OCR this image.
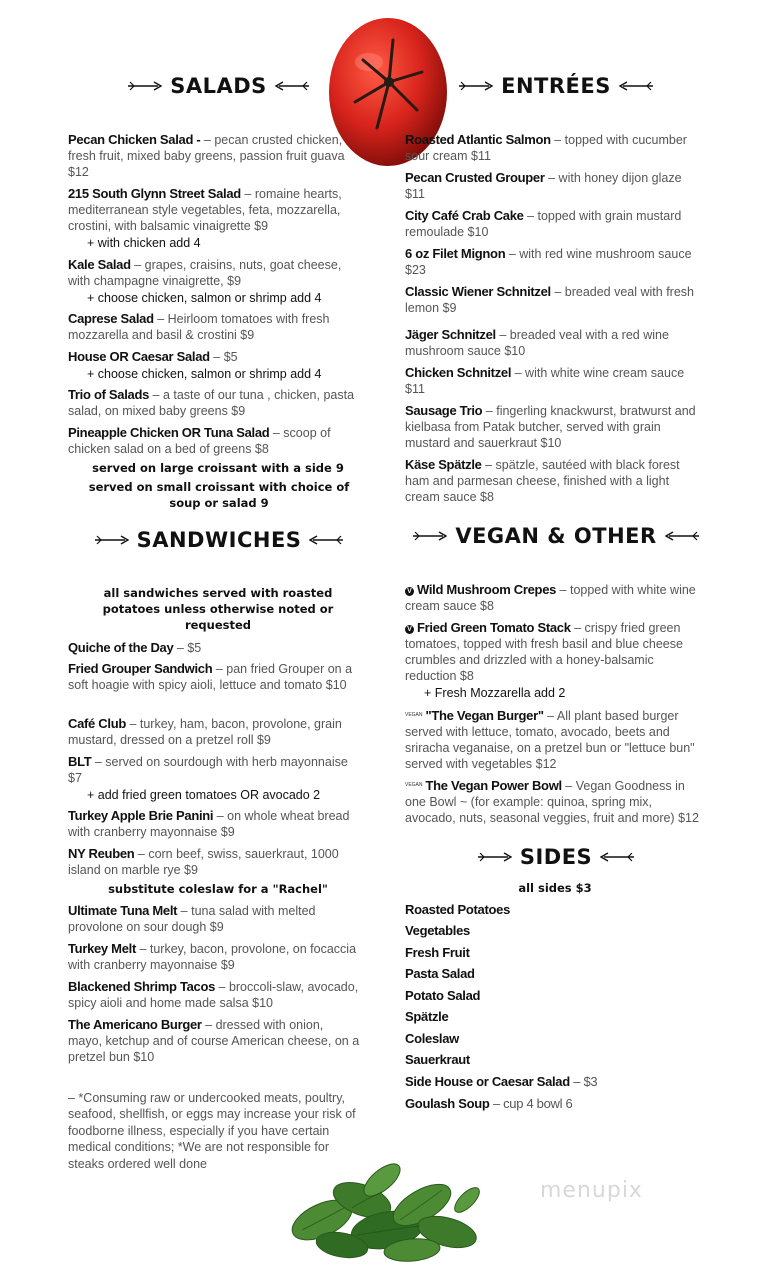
SALADS	ENTRÉES
SANDWICHES	VEGAN & OTHER
SIDES
Pecan Chicken Salad - – pecan crusted chicken, fresh fruit, mixed baby greens, passion fruit guava $12
215 South Glynn Street Salad – romaine hearts, mediterranean style vegetables, feta, mozzarella, crostini, with balsamic vinaigrette $9
+ with chicken add 4
Kale Salad – grapes, craisins, nuts, goat cheese, with champagne vinaigrette, $9
+ choose chicken, salmon or shrimp add 4
Caprese Salad – Heirloom tomatoes with fresh mozzarella and basil & crostini $9
House OR Caesar Salad – $5
+ choose chicken, salmon or shrimp add 4
Trio of Salads – a taste of our tuna , chicken, pasta salad, on mixed baby greens $9
Pineapple Chicken OR Tuna Salad – scoop of chicken salad on a bed of greens $8
served on large croissant with a side 9
served on small croissant with choice of soup or salad 9
all sandwiches served with roasted potatoes unless otherwise noted or requested
Quiche of the Day – $5
Fried Grouper Sandwich – pan fried Grouper on a soft hoagie with spicy aioli, lettuce and tomato $10
Café Club – turkey, ham, bacon, provolone, grain mustard, dressed on a pretzel roll $9
BLT – served on sourdough with herb mayonnaise $7
+ add fried green tomatoes OR avocado 2
Turkey Apple Brie Panini – on whole wheat bread with cranberry mayonnaise $9
NY Reuben – corn beef, swiss, sauerkraut, 1000 island on marble rye $9
substitute coleslaw for a "Rachel"
Ultimate Tuna Melt – tuna salad with melted provolone on sour dough $9
Turkey Melt – turkey, bacon, provolone, on focaccia with cranberry mayonnaise $9
Blackened Shrimp Tacos – broccoli-slaw, avocado, spicy aioli and home made salsa $10
The Americano Burger – dressed with onion, mayo, ketchup and of course American cheese, on a pretzel bun $10
– *Consuming raw or undercooked meats, poultry, seafood, shellfish, or eggs may increase your risk of foodborne illness, especially if you have certain medical conditions; *We are not responsible for steaks ordered well done
Roasted Atlantic Salmon – topped with cucumber sour cream $11
Pecan Crusted Grouper – with honey dijon glaze $11
City Café Crab Cake – topped with grain mustard remoulade $10
6 oz Filet Mignon – with red wine mushroom sauce $23
Classic Wiener Schnitzel – breaded veal with fresh lemon $9
Jäger Schnitzel – breaded veal with a red wine mushroom sauce $10
Chicken Schnitzel – with white wine cream sauce $11
Sausage Trio – fingerling knackwurst, bratwurst and kielbasa from Patak butcher, served with grain mustard and sauerkraut $10
Käse Spätzle – spätzle, sautéed with black forest ham and parmesan cheese, finished with a light cream sauce $8
V Wild Mushroom Crepes – topped with white wine cream sauce $8
V Fried Green Tomato Stack – crispy fried green tomatoes, topped with fresh basil and blue cheese crumbles and drizzled with a honey-balsamic reduction $8
+ Fresh Mozzarella add 2
$^{VEGAN}$ "The Vegan Burger" – All plant based burger served with lettuce, tomato, avocado, beets and sriracha veganaise, on a pretzel bun or "lettuce bun" served with vegetables $12
$^{VEGAN}$ The Vegan Power Bowl – Vegan Goodness in one Bowl ~ (for example: quinoa, spring mix, avocado, nuts, seasonal veggies, fruit and more) $12
all sides $3
Roasted Potatoes
Vegetables
Fresh Fruit
Pasta Salad
Potato Salad
Spätzle
Coleslaw
Sauerkraut
Side House or Caesar Salad – $3
Goulash Soup – cup 4 bowl 6
menupix
